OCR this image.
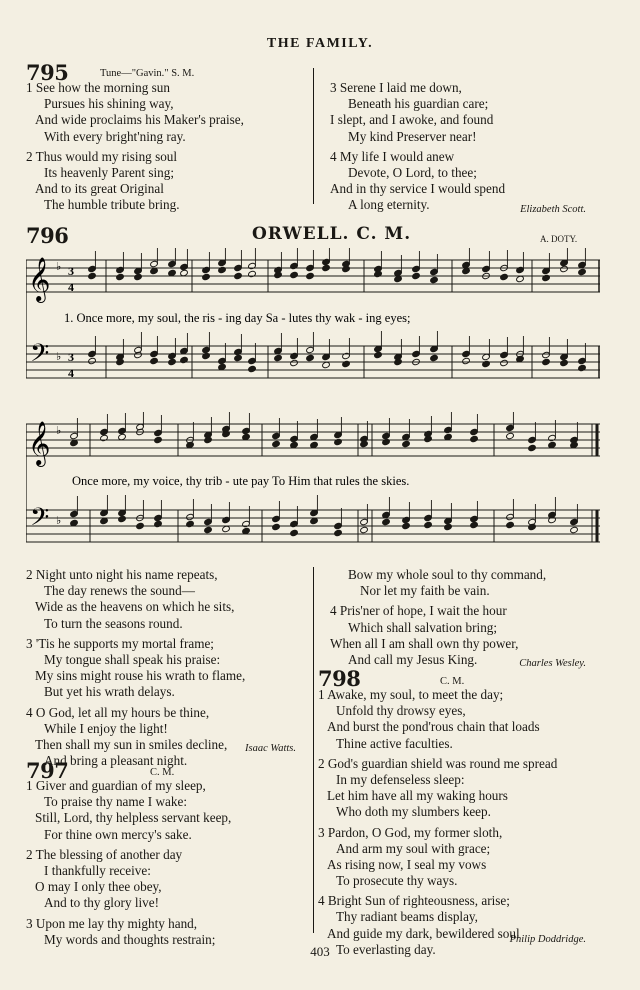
THE FAMILY.
795	Tune—"Gavin." S. M.
1 See how the morning sun
Pursues his shining way,
And wide proclaims his Maker's praise,
With every bright'ning ray.
2 Thus would my rising soul
Its heavenly Parent sing;
And to its great Original
The humble tribute bring.
3 Serene I laid me down,
Beneath his guardian care;
I slept, and I awoke, and found
My kind Preserver near!
4 My life I would anew
Devote, O Lord, to thee;
And in thy service I would spend
A long eternity.	Elizabeth Scott.
796	ORWELL. C. M.	A. DOTY.
𝄞
𝄢
♭
♭
3
4
3
4
1. Once more, my soul, the ris - ing day Sa - lutes thy wak - ing eyes;
𝄞
𝄢
♭
♭
Once more, my voice, thy trib - ute pay To Him that rules the skies.
2 Night unto night his name repeats,
The day renews the sound—
Wide as the heavens on which he sits,
To turn the seasons round.
3 'Tis he supports my mortal frame;
My tongue shall speak his praise:
My sins might rouse his wrath to flame,
But yet his wrath delays.
4 O God, let all my hours be thine,
While I enjoy the light!
Then shall my sun in smiles decline,
And bring a pleasant night.
Isaac Watts.
797	C. M.
1 Giver and guardian of my sleep,
To praise thy name I wake:
Still, Lord, thy helpless servant keep,
For thine own mercy's sake.
2 The blessing of another day
I thankfully receive:
O may I only thee obey,
And to thy glory live!
3 Upon me lay thy mighty hand,
My words and thoughts restrain;
Bow my whole soul to thy command,
Nor let my faith be vain.
4 Pris'ner of hope, I wait the hour
Which shall salvation bring;
When all I am shall own thy power,
And call my Jesus King.	Charles Wesley.
798	C. M.
1 Awake, my soul, to meet the day;
Unfold thy drowsy eyes,
And burst the pond'rous chain that loads
Thine active faculties.
2 God's guardian shield was round me spread
In my defenseless sleep:
Let him have all my waking hours
Who doth my slumbers keep.
3 Pardon, O God, my former sloth,
And arm my soul with grace;
As rising now, I seal my vows
To prosecute thy ways.
4 Bright Sun of righteousness, arise;
Thy radiant beams display,
And guide my dark, bewildered soul
To everlasting day.
Philip Doddridge.
403
